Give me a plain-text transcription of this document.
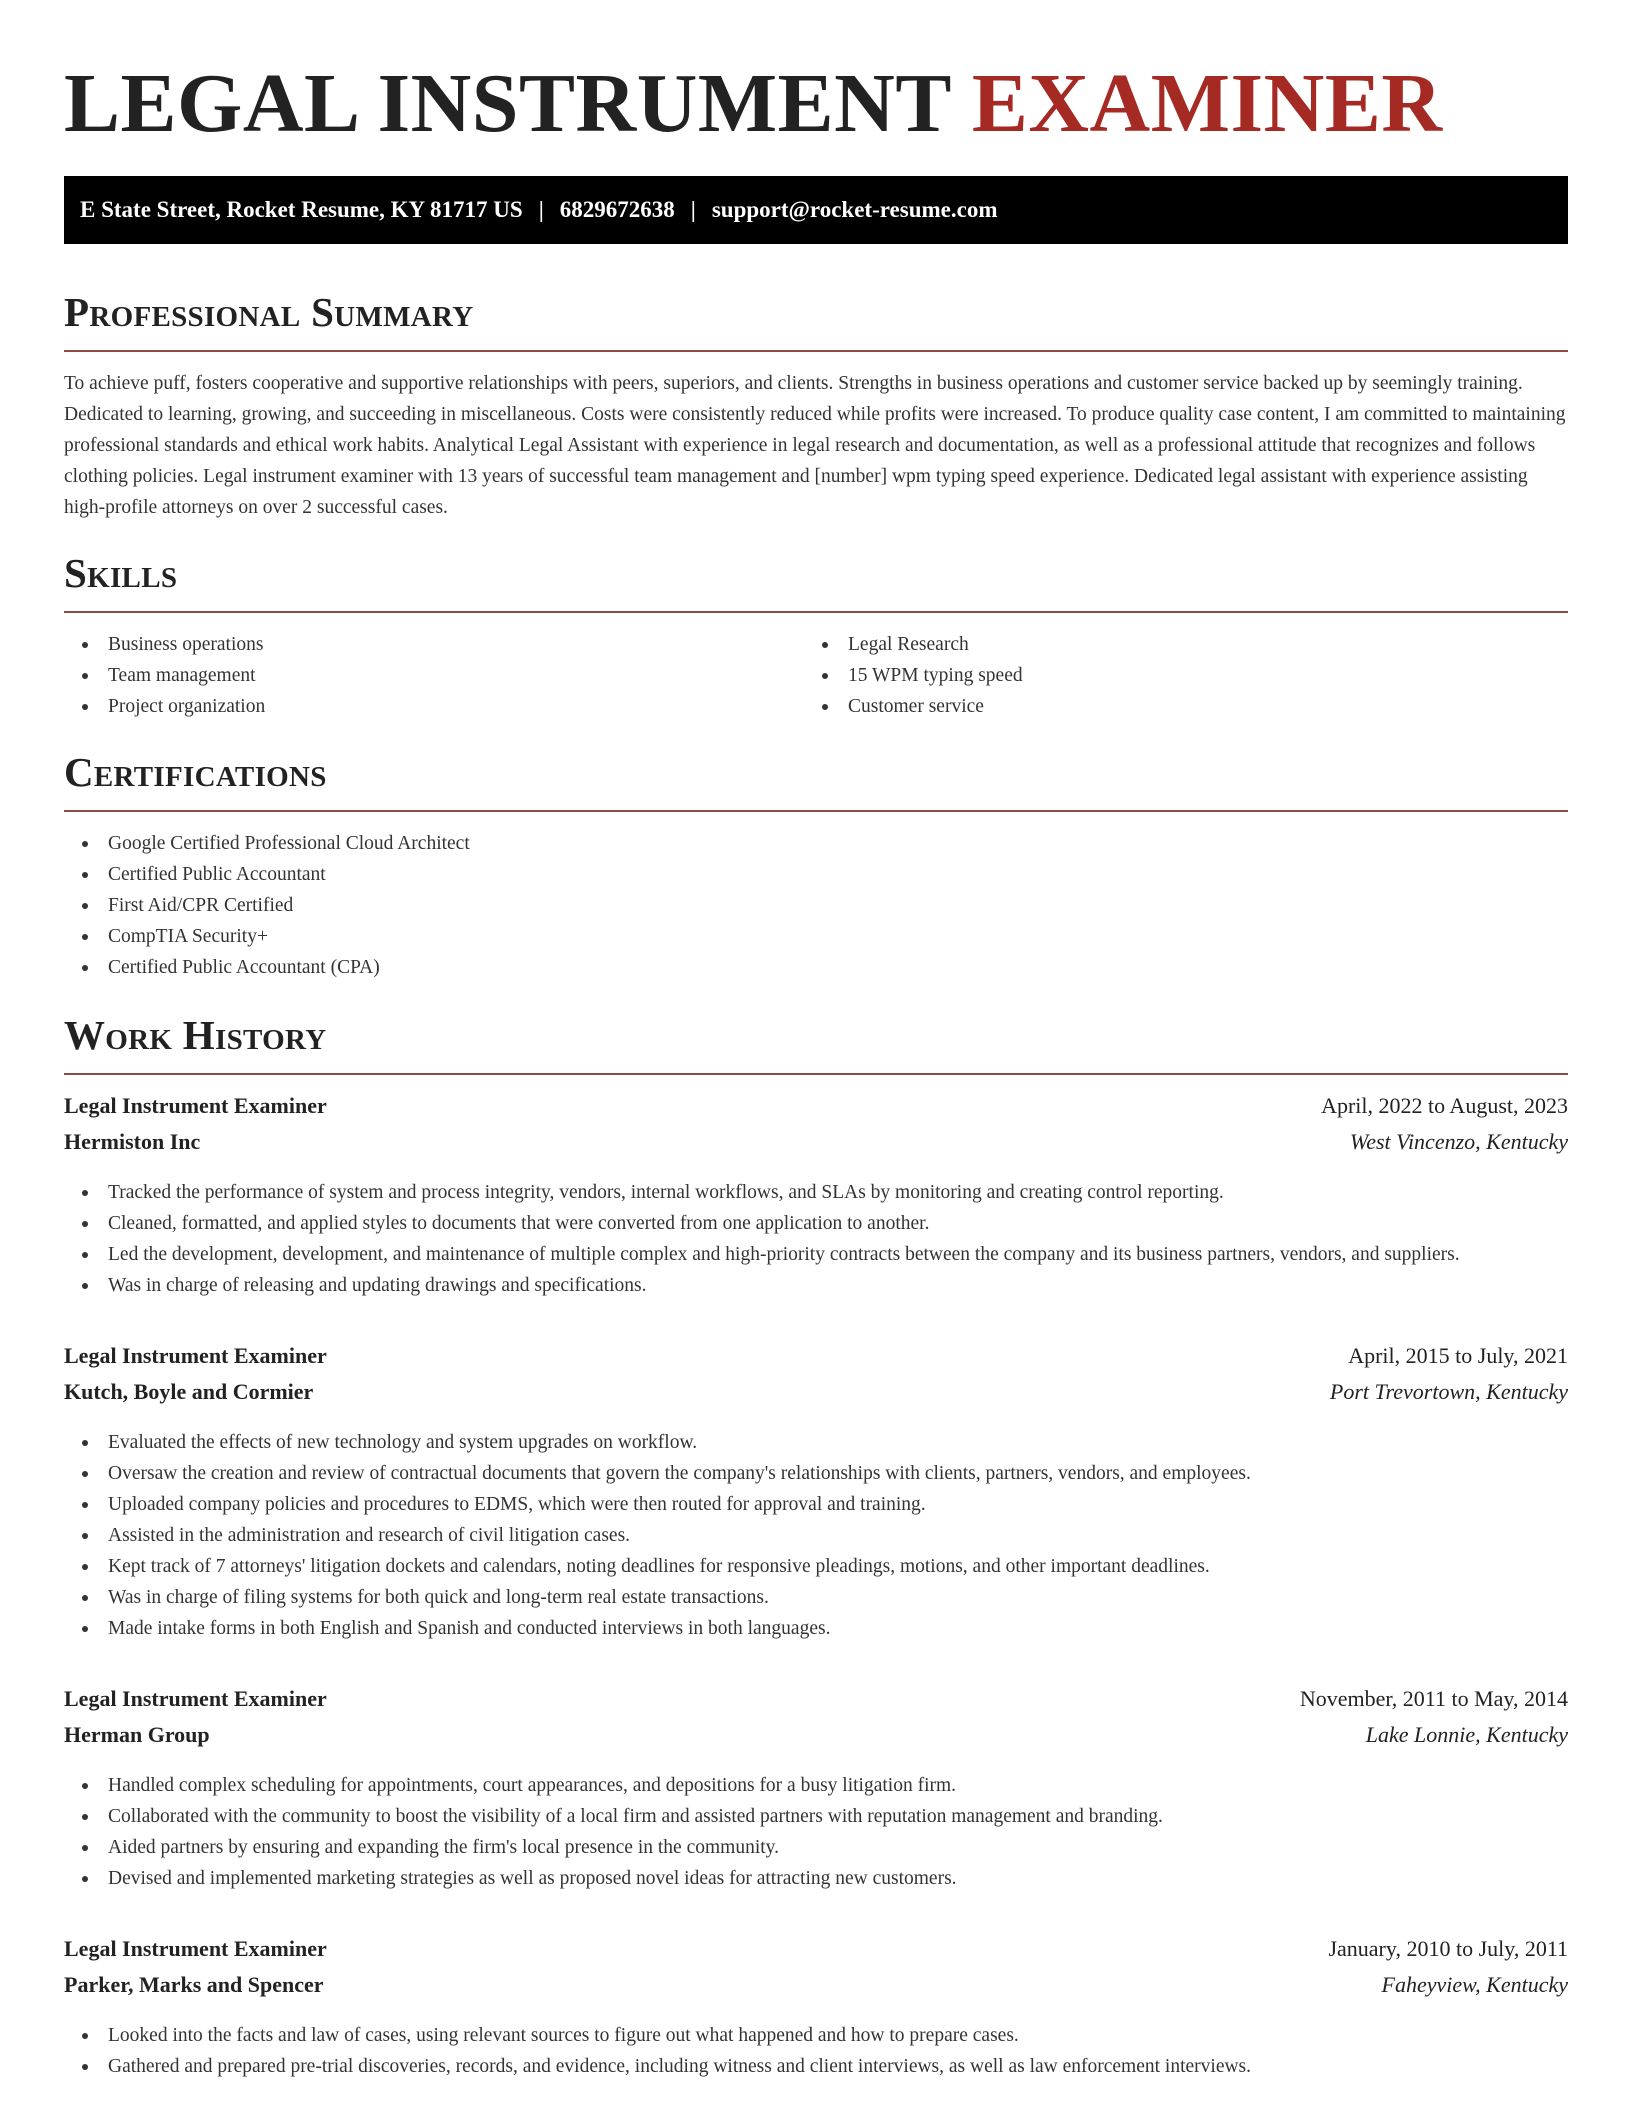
LEGAL INSTRUMENT EXAMINER
E State Street, Rocket Resume, KY 81717 US | 6829672638 | support@rocket-resume.com
Professional Summary

To achieve puff, fosters cooperative and supportive relationships with peers, superiors, and clients. Strengths in business operations and customer service backed up by seemingly training. Dedicated to learning, growing, and succeeding in miscellaneous. Costs were consistently reduced while profits were increased. To produce quality case content, I am committed to maintaining professional standards and ethical work habits. Analytical Legal Assistant with experience in legal research and documentation, as well as a professional attitude that recognizes and follows clothing policies. Legal instrument examiner with 13 years of successful team management and [number] wpm typing speed experience. Dedicated legal assistant with experience assisting high-profile attorneys on over 2 successful cases.

Skills
Business operations
Team management
Project organization
Legal Research
15 WPM typing speed
Customer service
Certifications
Google Certified Professional Cloud Architect
Certified Public Accountant
First Aid/CPR Certified
CompTIA Security+
Certified Public Accountant (CPA)
Work History
Legal Instrument Examiner	April, 2022 to August, 2023
Hermiston Inc	West Vincenzo, Kentucky
Tracked the performance of system and process integrity, vendors, internal workflows, and SLAs by monitoring and creating control reporting.
Cleaned, formatted, and applied styles to documents that were converted from one application to another.
Led the development, development, and maintenance of multiple complex and high-priority contracts between the company and its business partners, vendors, and suppliers.
Was in charge of releasing and updating drawings and specifications.
Legal Instrument Examiner	April, 2015 to July, 2021
Kutch, Boyle and Cormier	Port Trevortown, Kentucky
Evaluated the effects of new technology and system upgrades on workflow.
Oversaw the creation and review of contractual documents that govern the company's relationships with clients, partners, vendors, and employees.
Uploaded company policies and procedures to EDMS, which were then routed for approval and training.
Assisted in the administration and research of civil litigation cases.
Kept track of 7 attorneys' litigation dockets and calendars, noting deadlines for responsive pleadings, motions, and other important deadlines.
Was in charge of filing systems for both quick and long-term real estate transactions.
Made intake forms in both English and Spanish and conducted interviews in both languages.
Legal Instrument Examiner	November, 2011 to May, 2014
Herman Group	Lake Lonnie, Kentucky
Handled complex scheduling for appointments, court appearances, and depositions for a busy litigation firm.
Collaborated with the community to boost the visibility of a local firm and assisted partners with reputation management and branding.
Aided partners by ensuring and expanding the firm's local presence in the community.
Devised and implemented marketing strategies as well as proposed novel ideas for attracting new customers.
Legal Instrument Examiner	January, 2010 to July, 2011
Parker, Marks and Spencer	Faheyview, Kentucky
Looked into the facts and law of cases, using relevant sources to figure out what happened and how to prepare cases.
Gathered and prepared pre-trial discoveries, records, and evidence, including witness and client interviews, as well as law enforcement interviews.
